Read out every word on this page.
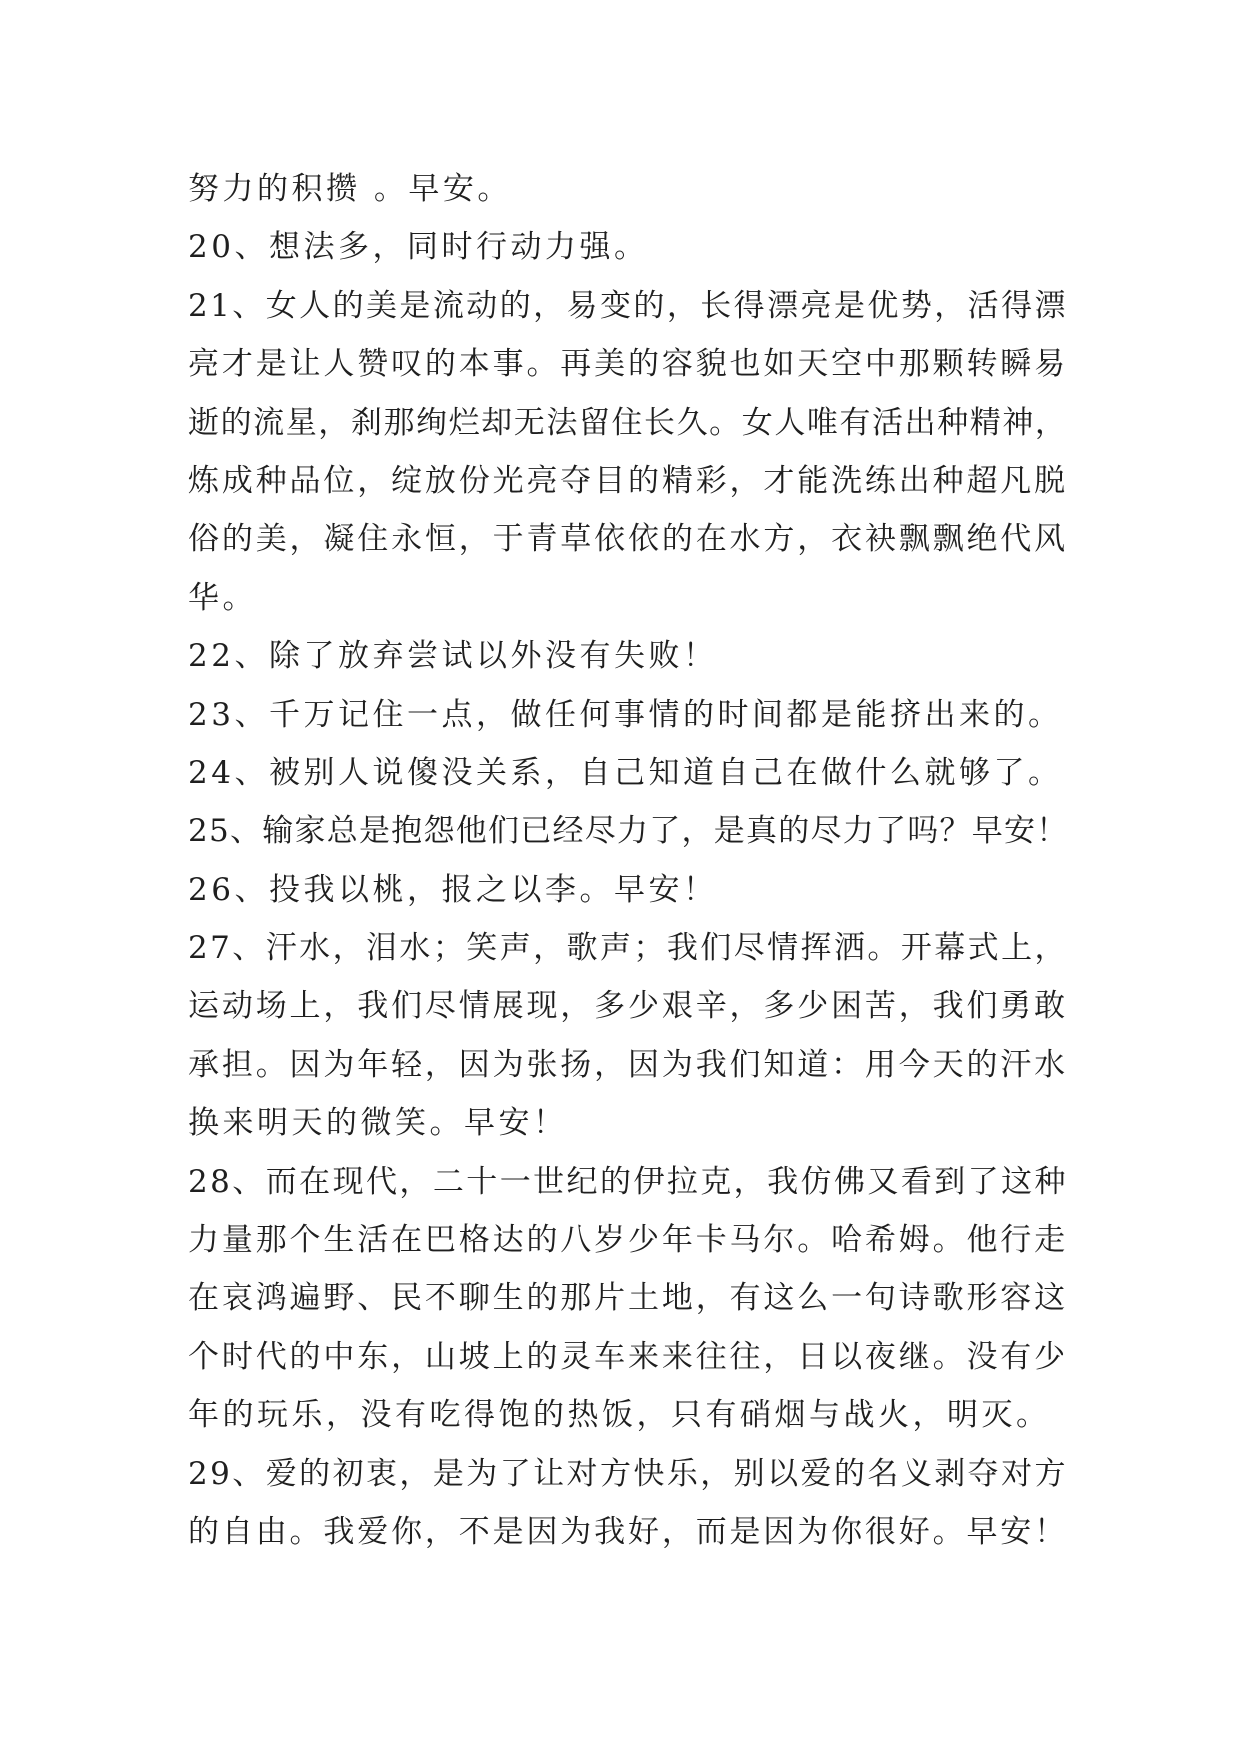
努力的积攒 。早安。
20、想法多，同时行动力强。
21、女人的美是流动的，易变的，长得漂亮是优势，活得漂
亮才是让人赞叹的本事。再美的容貌也如天空中那颗转瞬易
逝的流星，刹那绚烂却无法留住长久。女人唯有活出种精神，
炼成种品位，绽放份光亮夺目的精彩，才能洗练出种超凡脱
俗的美，凝住永恒，于青草依依的在水方，衣袂飘飘绝代风
华。
22、除了放弃尝试以外没有失败！
23、千万记住一点，做任何事情的时间都是能挤出来的。
24、被别人说傻没关系，自己知道自己在做什么就够了。
25、输家总是抱怨他们已经尽力了，是真的尽力了吗？早安！
26、投我以桃，报之以李。早安！
27、汗水，泪水；笑声，歌声；我们尽情挥洒。开幕式上，
运动场上，我们尽情展现，多少艰辛，多少困苦，我们勇敢
承担。因为年轻，因为张扬，因为我们知道：用今天的汗水
换来明天的微笑。早安！
28、而在现代，二十一世纪的伊拉克，我仿佛又看到了这种
力量那个生活在巴格达的八岁少年卡马尔。哈希姆。他行走
在哀鸿遍野、民不聊生的那片土地，有这么一句诗歌形容这
个时代的中东，山坡上的灵车来来往往，日以夜继。没有少
年的玩乐，没有吃得饱的热饭，只有硝烟与战火，明灭。
29、爱的初衷，是为了让对方快乐，别以爱的名义剥夺对方
的自由。我爱你，不是因为我好，而是因为你很好。早安！
